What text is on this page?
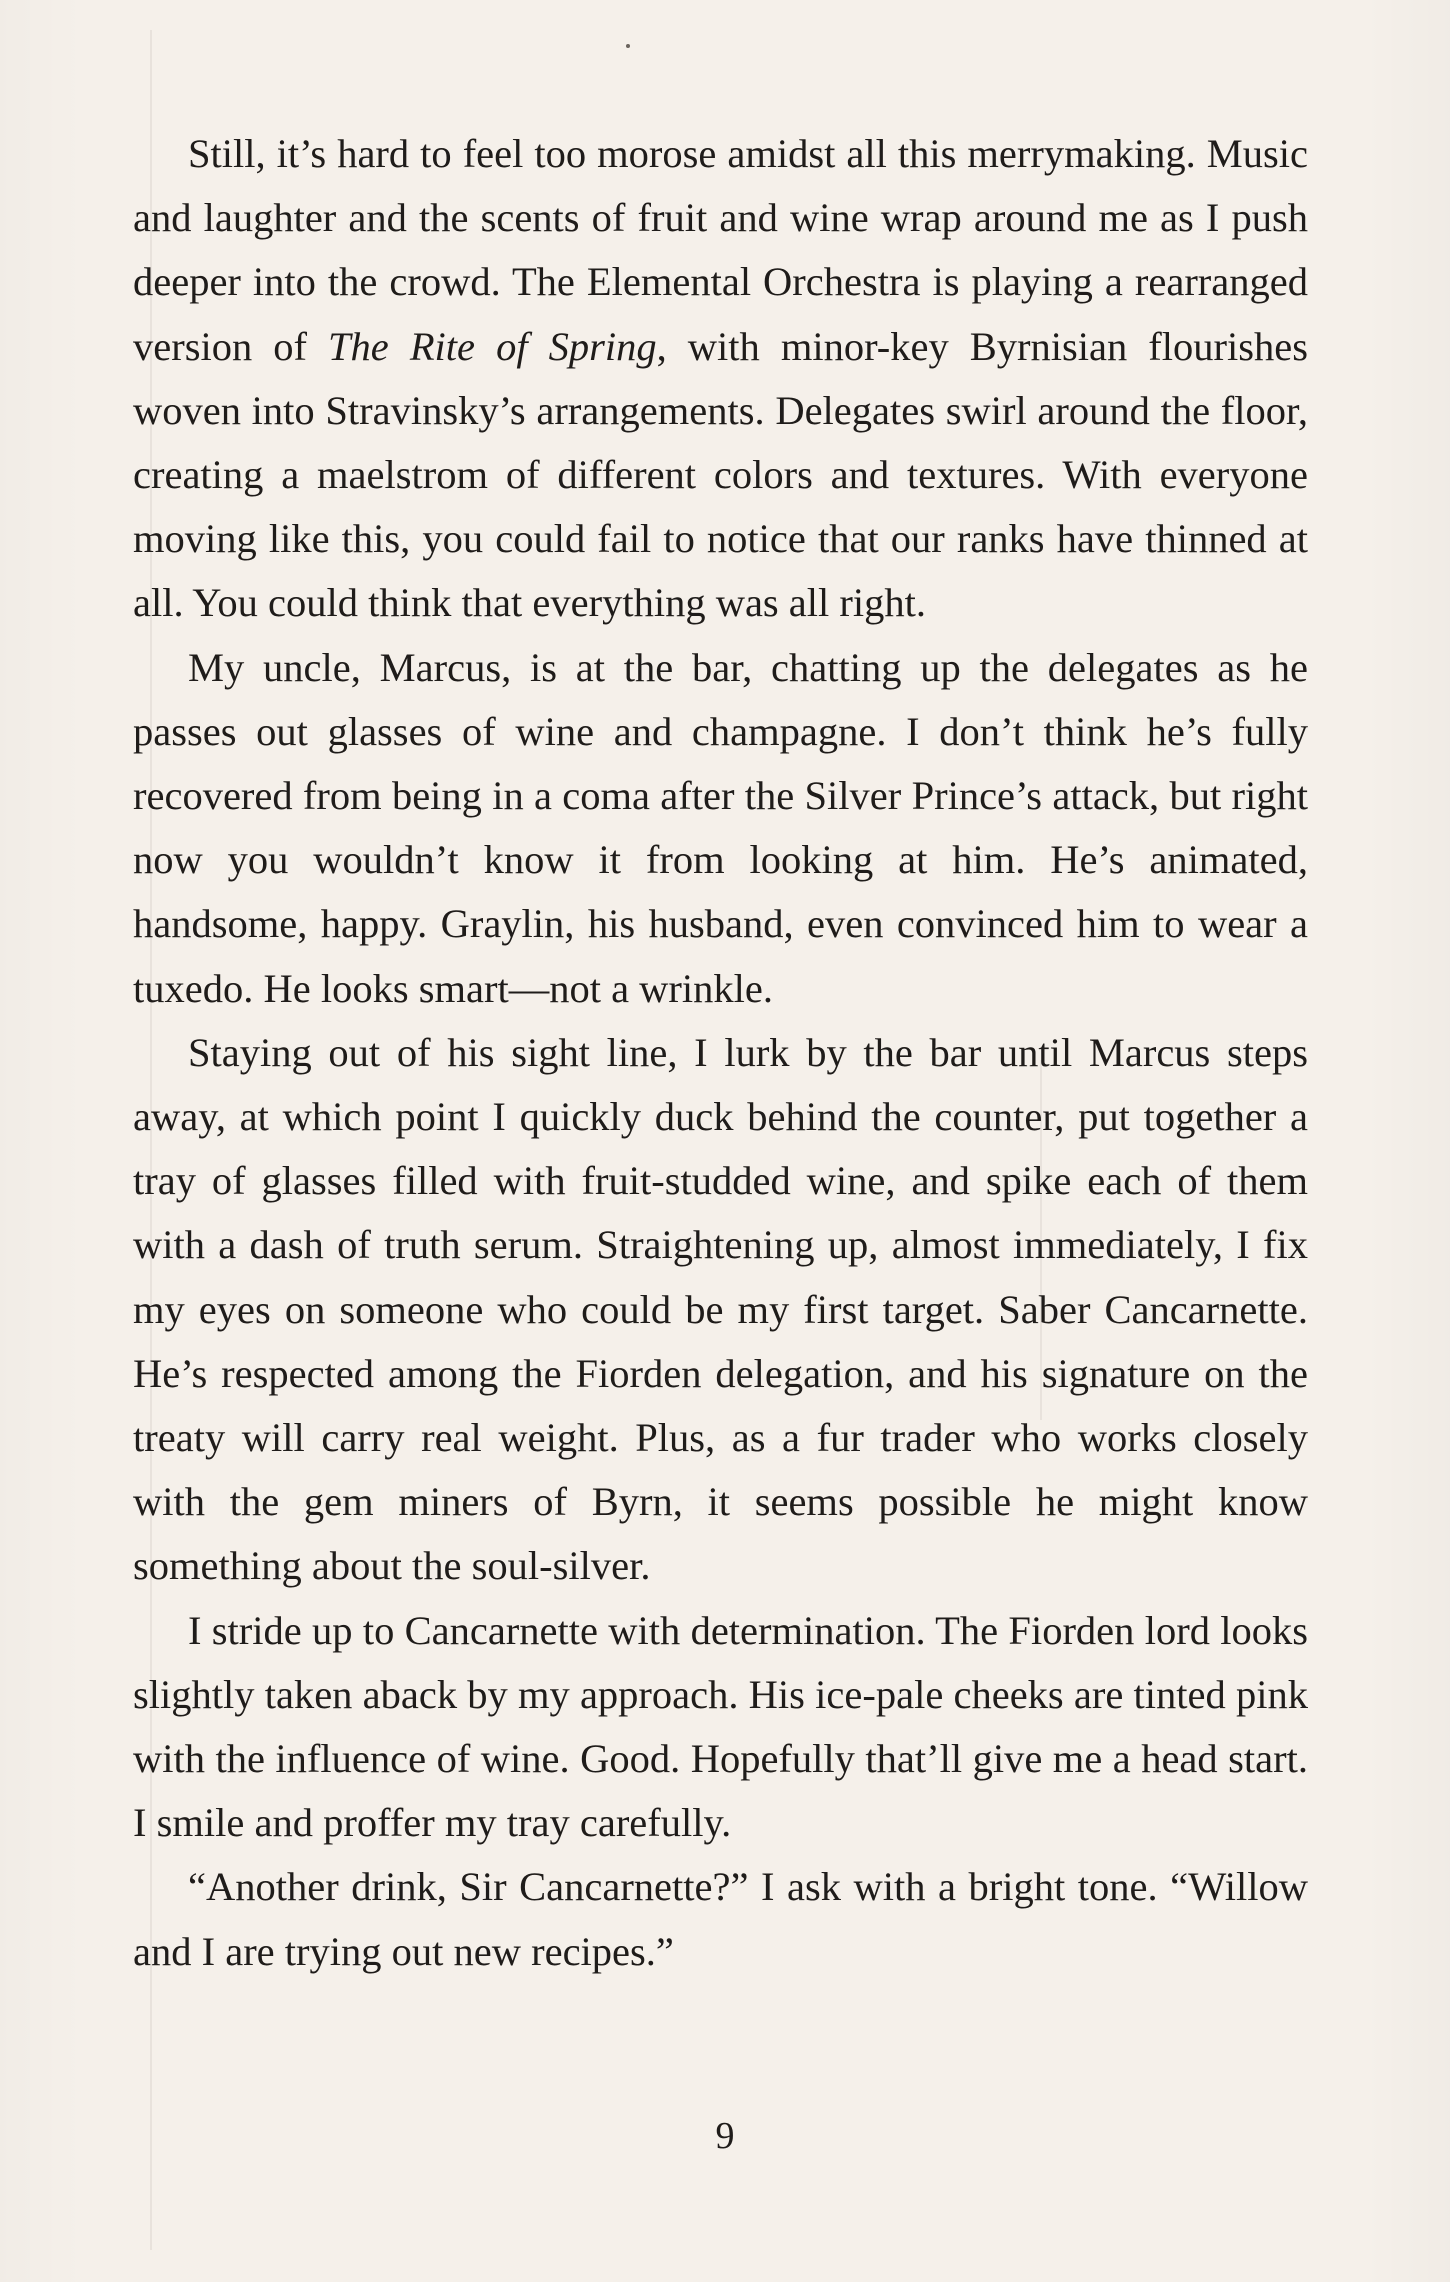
Still, it’s hard to feel too morose amidst all this merrymaking. Music and laughter and the scents of fruit and wine wrap around me as I push deeper into the crowd. The Elemental Orchestra is playing a rearranged version of The Rite of Spring, with minor-key Byrnisian flourishes woven into Stravinsky’s arrangements. Delegates swirl around the floor, creating a maelstrom of different colors and textures. With everyone moving like this, you could fail to notice that our ranks have thinned at all. You could think that everything was all right.

My uncle, Marcus, is at the bar, chatting up the delegates as he passes out glasses of wine and champagne. I don’t think he’s fully recovered from being in a coma after the Silver Prince’s attack, but right now you wouldn’t know it from looking at him. He’s animated, handsome, happy. Graylin, his husband, even convinced him to wear a tuxedo. He looks smart—not a wrinkle.

Staying out of his sight line, I lurk by the bar until Marcus steps away, at which point I quickly duck behind the counter, put together a tray of glasses filled with fruit-studded wine, and spike each of them with a dash of truth serum. Straightening up, almost immediately, I fix my eyes on someone who could be my first target. Saber Cancarnette. He’s respected among the Fiorden delegation, and his signature on the treaty will carry real weight. Plus, as a fur trader who works closely with the gem miners of Byrn, it seems possible he might know something about the soul-silver.

I stride up to Cancarnette with determination. The Fiorden lord looks slightly taken aback by my approach. His ice-pale cheeks are tinted pink with the influence of wine. Good. Hopefully that’ll give me a head start. I smile and proffer my tray carefully.

“Another drink, Sir Cancarnette?” I ask with a bright tone. “Willow and I are trying out new recipes.”

9
